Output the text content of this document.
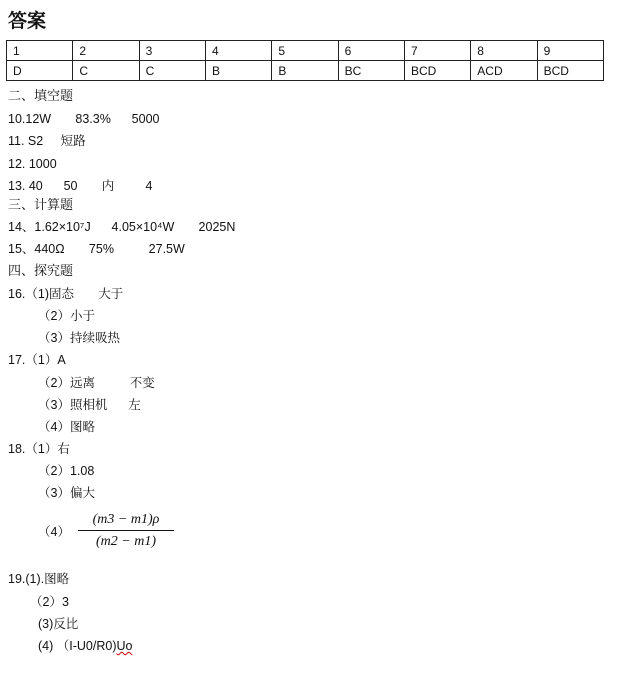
答案
1	2	3	4	5	6	7	8	9
D	C	C	B	B	BC	BCD	ACD	BCD
二、填空题
10.12W       83.3%      5000
11. S2     短路
12. 1000
13. 40      50       内         4
三、计算题
14、1.62×10⁷J      4.05×10⁴W       2025N
15、440Ω       75%          27.5W
四、探究题
16.（1)固态       大于
（2）小于
（3）持续吸热
17.（1）A
（2）远离          不变
（3）照相机      左
（4）图略
18.（1）右
（2）1.08
（3）偏大
$(4) \frac{(m3 - m1)\rho}{(m2 - m1)}$
19.(1).图略
（2）3
(3)反比
(4) （I-U0/R0)Uo
